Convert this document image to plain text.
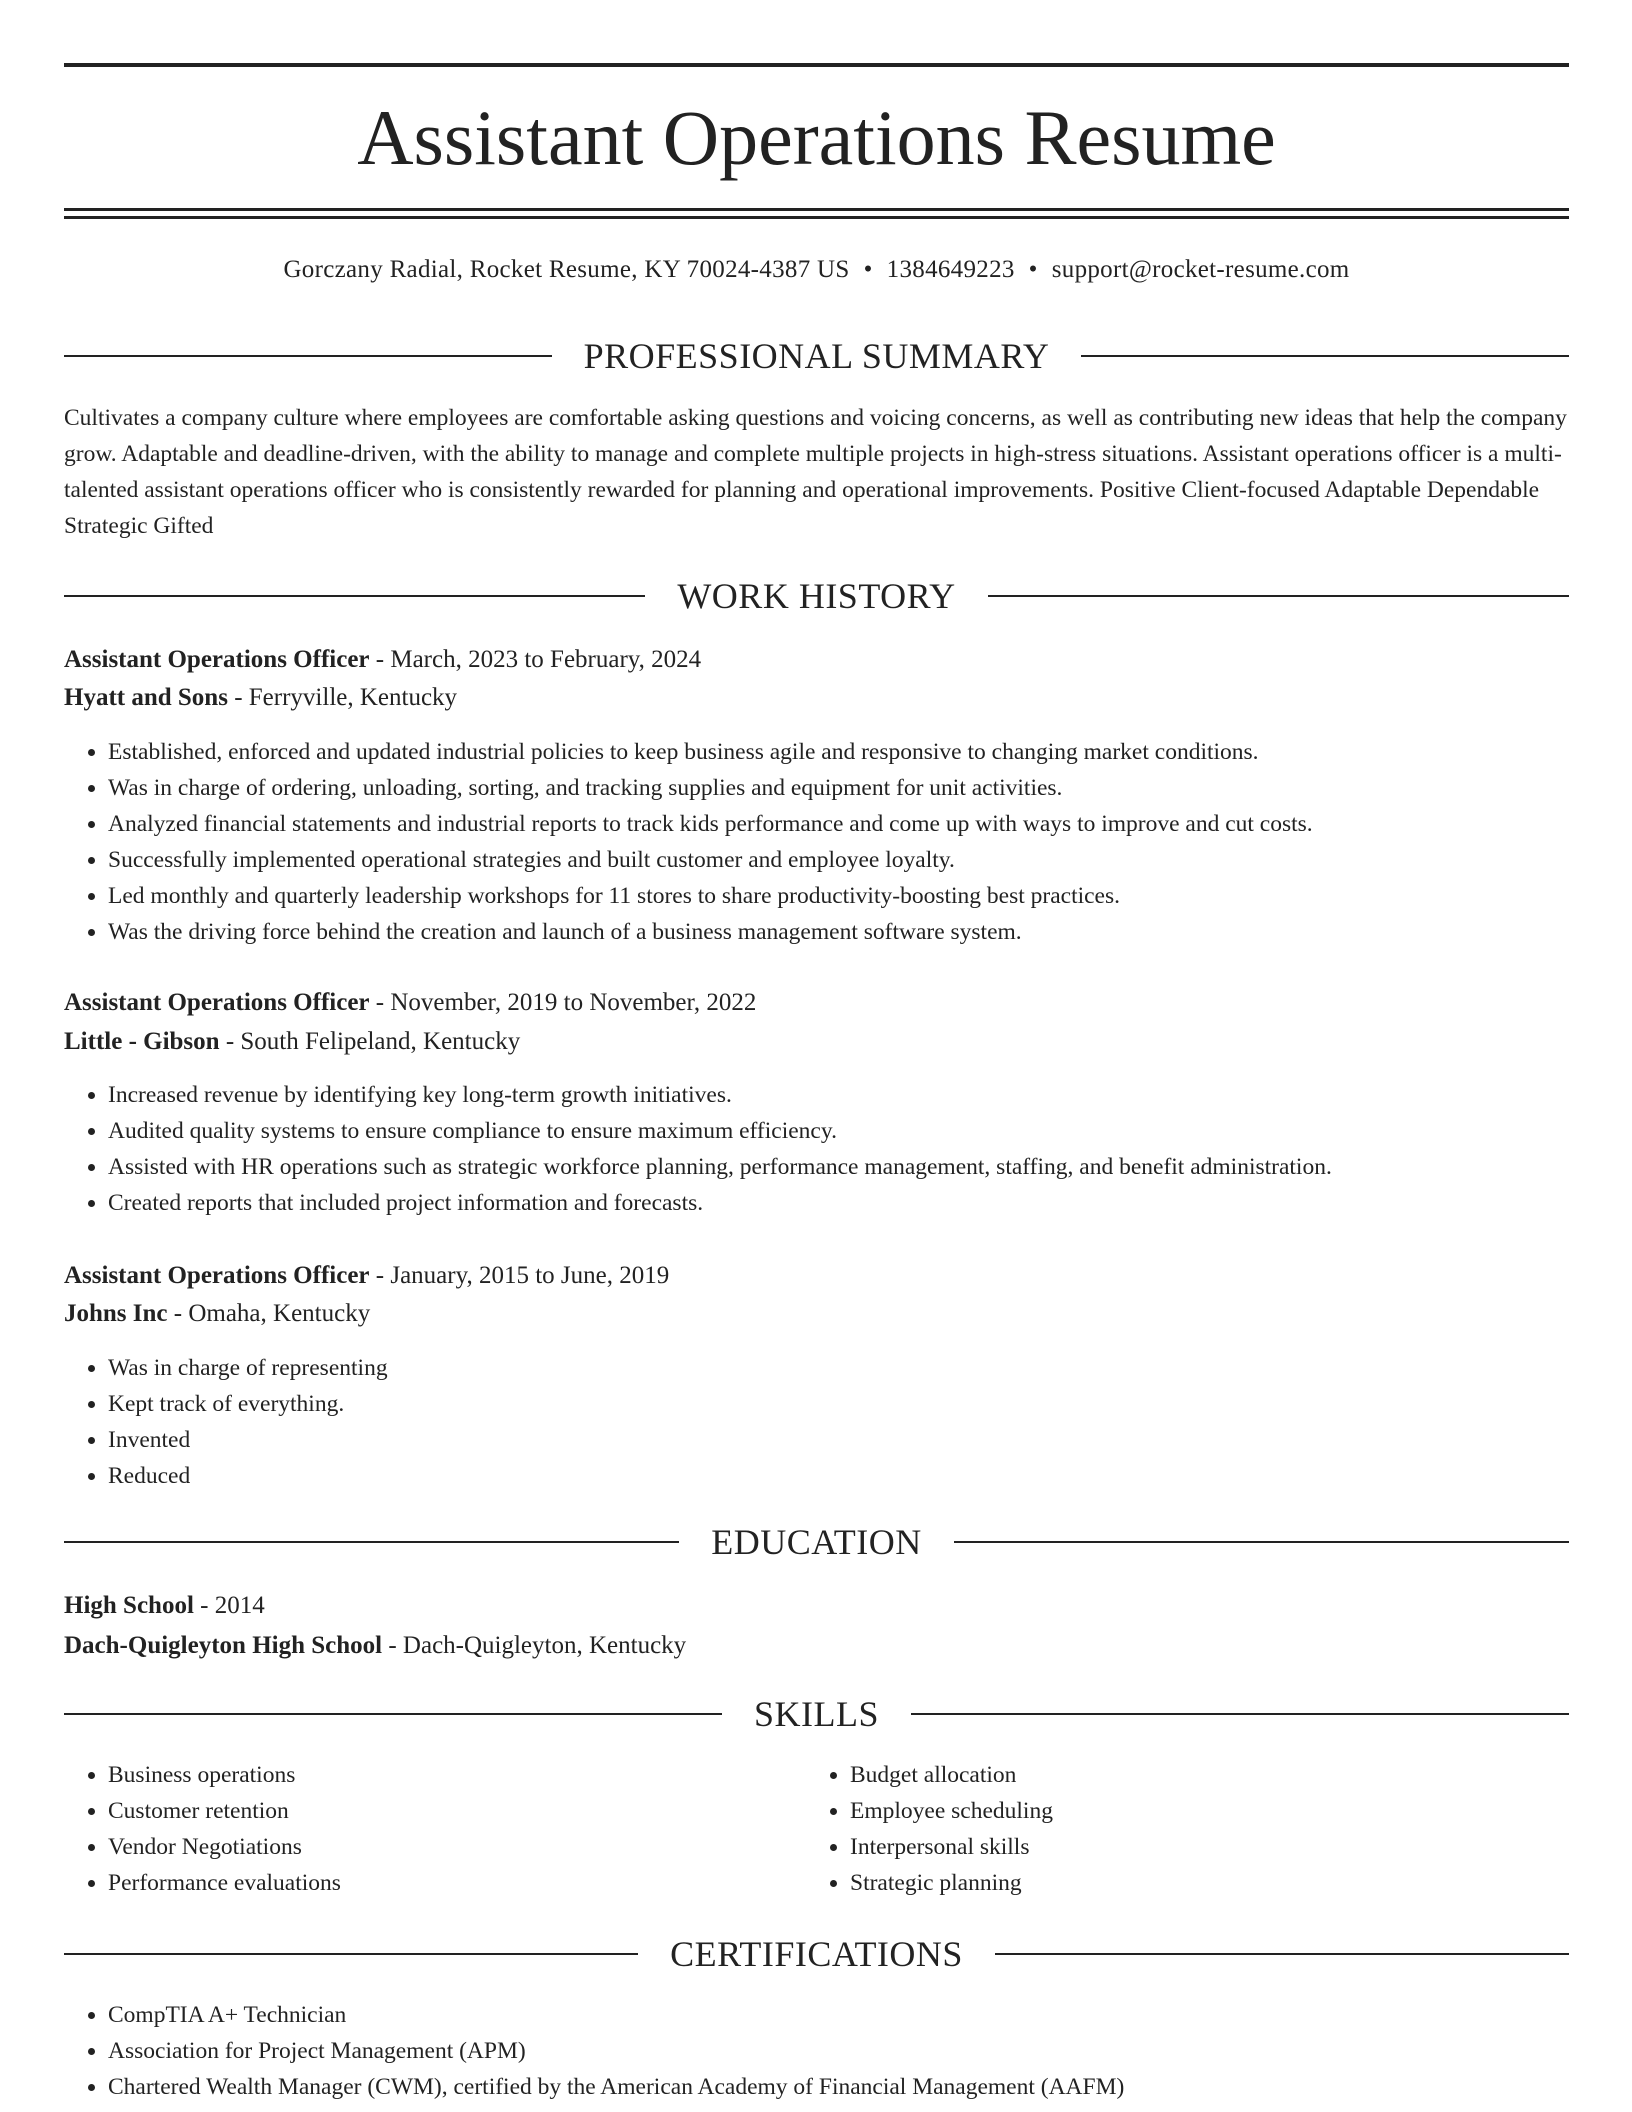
Assistant Operations Resume
Gorczany Radial, Rocket Resume, KY 70024-4387 US • 1384649223 • support@rocket-resume.com
PROFESSIONAL SUMMARY

Cultivates a company culture where employees are comfortable asking questions and voicing concerns, as well as contributing new ideas that help the company grow. Adaptable and deadline-driven, with the ability to manage and complete multiple projects in high-stress situations. Assistant operations officer is a multi-talented assistant operations officer who is consistently rewarded for planning and operational improvements. Positive Client-focused Adaptable Dependable Strategic Gifted

WORK HISTORY
Assistant Operations Officer - March, 2023 to February, 2024
Hyatt and Sons - Ferryville, Kentucky
• Established, enforced and updated industrial policies to keep business agile and responsive to changing market conditions.
• Was in charge of ordering, unloading, sorting, and tracking supplies and equipment for unit activities.
• Analyzed financial statements and industrial reports to track kids performance and come up with ways to improve and cut costs.
• Successfully implemented operational strategies and built customer and employee loyalty.
• Led monthly and quarterly leadership workshops for 11 stores to share productivity-boosting best practices.
• Was the driving force behind the creation and launch of a business management software system.
Assistant Operations Officer - November, 2019 to November, 2022
Little - Gibson - South Felipeland, Kentucky
• Increased revenue by identifying key long-term growth initiatives.
• Audited quality systems to ensure compliance to ensure maximum efficiency.
• Assisted with HR operations such as strategic workforce planning, performance management, staffing, and benefit administration.
• Created reports that included project information and forecasts.
Assistant Operations Officer - January, 2015 to June, 2019
Johns Inc - Omaha, Kentucky
• Was in charge of representing
• Kept track of everything.
• Invented
• Reduced
EDUCATION
High School - 2014
Dach-Quigleyton High School - Dach-Quigleyton, Kentucky
SKILLS
• Business operations
• Customer retention
• Vendor Negotiations
• Performance evaluations
• Budget allocation
• Employee scheduling
• Interpersonal skills
• Strategic planning
CERTIFICATIONS
• CompTIA A+ Technician
• Association for Project Management (APM)
• Chartered Wealth Manager (CWM), certified by the American Academy of Financial Management (AAFM)
